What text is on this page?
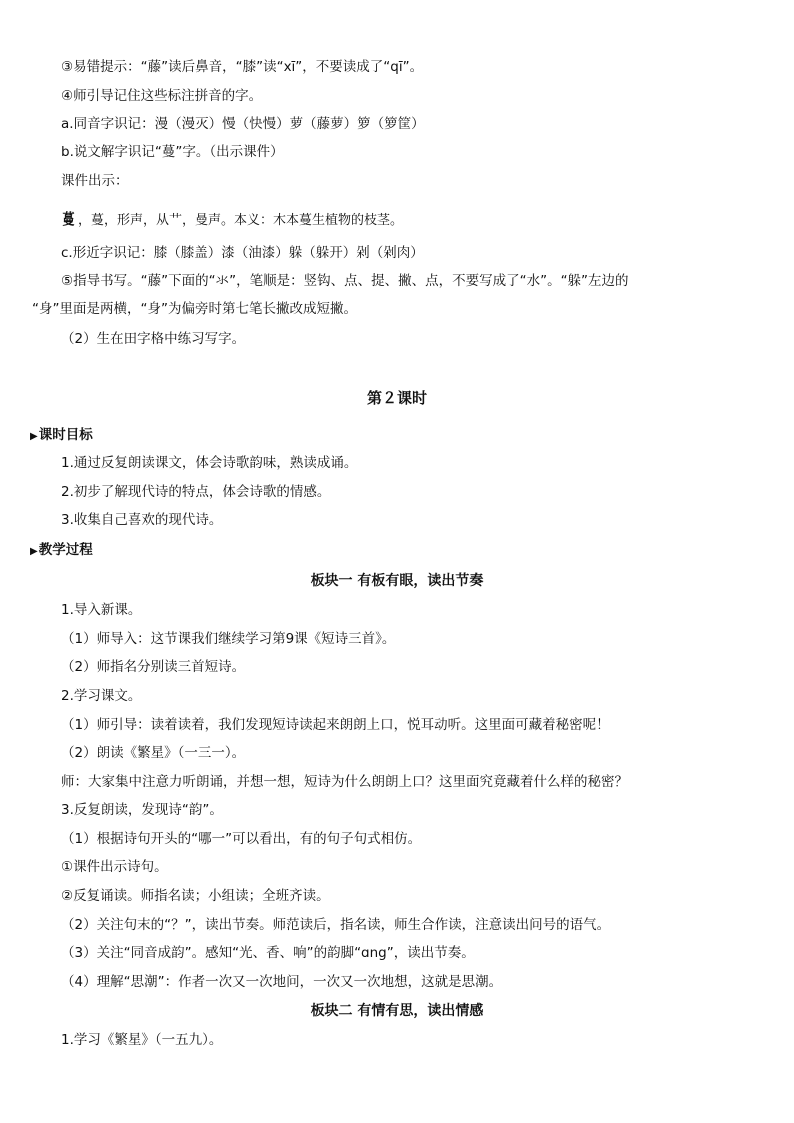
③易错提示：“藤”读后鼻音，“膝”读“xī”，不要读成了“qī”。
④师引导记住这些标注拼音的字。
a.同音字识记：漫（漫灭）慢（快慢）萝（藤萝）箩（箩筐）
b.说文解字识记“蔓”字。（出示课件）
课件出示：
蔓 ，蔓，形声，从艹，曼声。本义：木本蔓生植物的枝茎。
c.形近字识记：膝（膝盖）漆（油漆）躲（躲开）剁（剁肉）
⑤指导书写。“藤”下面的“氺”，笔顺是：竖钩、点、提、撇、点，不要写成了“水”。“躲”左边的
“身”里面是两横，“身”为偏旁时第七笔长撇改成短撇。
（2）生在田字格中练习写字。
第２课时
▶课时目标
1.通过反复朗读课文，体会诗歌韵味，熟读成诵。
2.初步了解现代诗的特点，体会诗歌的情感。
3.收集自己喜欢的现代诗。
▶教学过程
板块一 有板有眼，读出节奏
1.导入新课。
（1）师导入：这节课我们继续学习第9课《短诗三首》。
（2）师指名分别读三首短诗。
2.学习课文。
（1）师引导：读着读着，我们发现短诗读起来朗朗上口，悦耳动听。这里面可藏着秘密呢！
（2）朗读《繁星》（一三一）。
师：大家集中注意力听朗诵，并想一想，短诗为什么朗朗上口？这里面究竟藏着什么样的秘密？
3.反复朗读，发现诗“韵”。
（1）根据诗句开头的“哪一”可以看出，有的句子句式相仿。
①课件出示诗句。
②反复诵读。师指名读；小组读；全班齐读。
（2）关注句末的“？”，读出节奏。师范读后，指名读，师生合作读，注意读出问号的语气。
（3）关注“同音成韵”。感知“光、香、响”的韵脚“ɑng”，读出节奏。
（4）理解“思潮”：作者一次又一次地问，一次又一次地想，这就是思潮。
板块二 有情有思，读出情感
1.学习《繁星》（一五九）。
